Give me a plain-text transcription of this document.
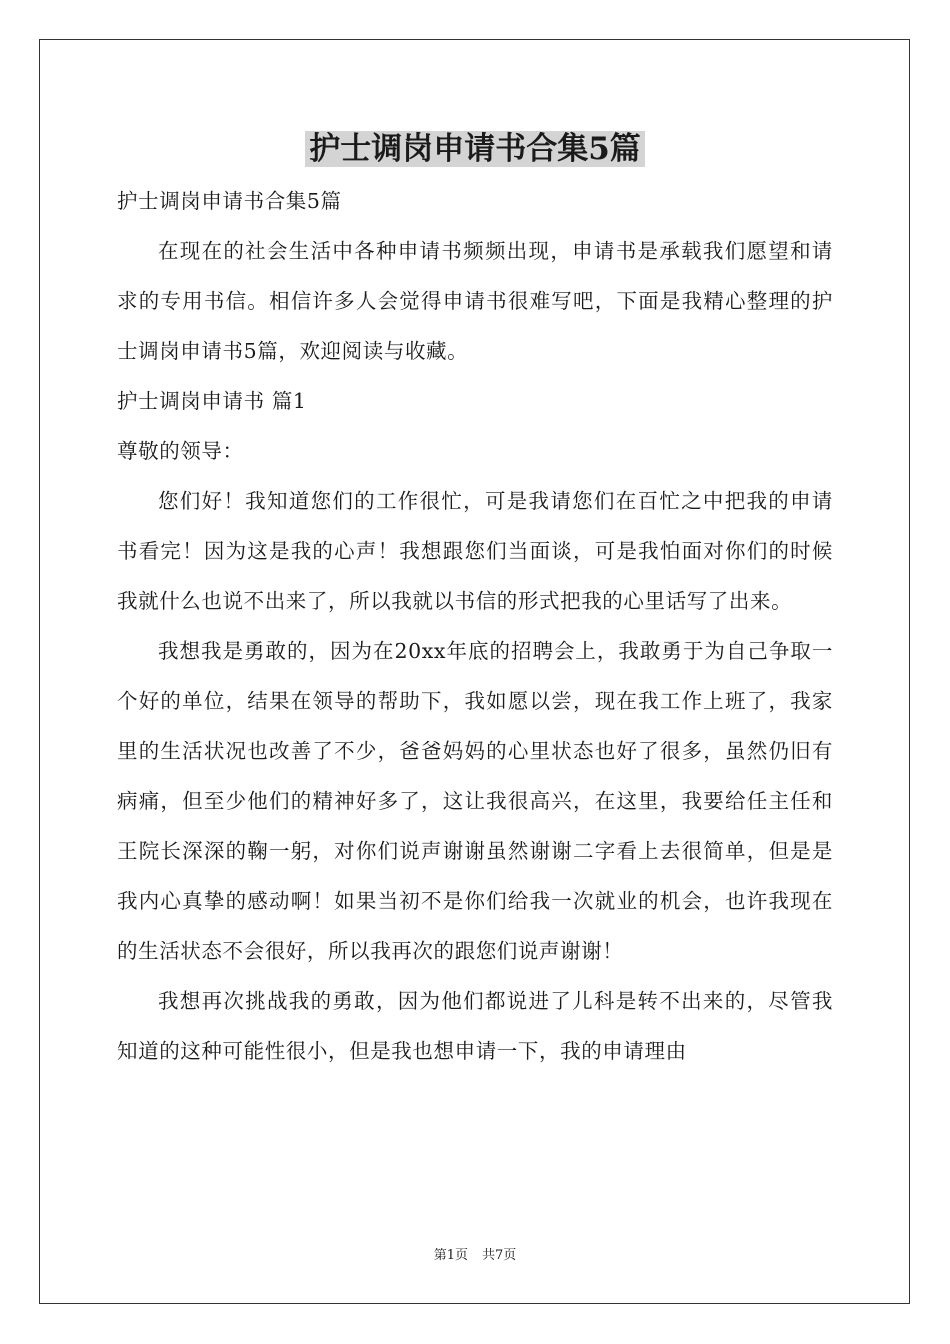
护士调岗申请书合集5篇

护士调岗申请书合集5篇

在现在的社会生活中各种申请书频频出现，申请书是承载我们愿望和请求的专用书信。相信许多人会觉得申请书很难写吧，下面是我精心整理的护士调岗申请书5篇，欢迎阅读与收藏。

护士调岗申请书 篇1

尊敬的领导：

您们好！我知道您们的工作很忙，可是我请您们在百忙之中把我的申请书看完！因为这是我的心声！我想跟您们当面谈，可是我怕面对你们的时候我就什么也说不出来了，所以我就以书信的形式把我的心里话写了出来。

我想我是勇敢的，因为在20xx年底的招聘会上，我敢勇于为自己争取一个好的单位，结果在领导的帮助下，我如愿以尝，现在我工作上班了，我家里的生活状况也改善了不少，爸爸妈妈的心里状态也好了很多，虽然仍旧有病痛，但至少他们的精神好多了，这让我很高兴，在这里，我要给任主任和王院长深深的鞠一躬，对你们说声谢谢虽然谢谢二字看上去很简单，但是是我内心真挚的感动啊！如果当初不是你们给我一次就业的机会，也许我现在的生活状态不会很好，所以我再次的跟您们说声谢谢！

我想再次挑战我的勇敢，因为他们都说进了儿科是转不出来的，尽管我知道的这种可能性很小，但是我也想申请一下，我的申请理由

第1页 共7页
